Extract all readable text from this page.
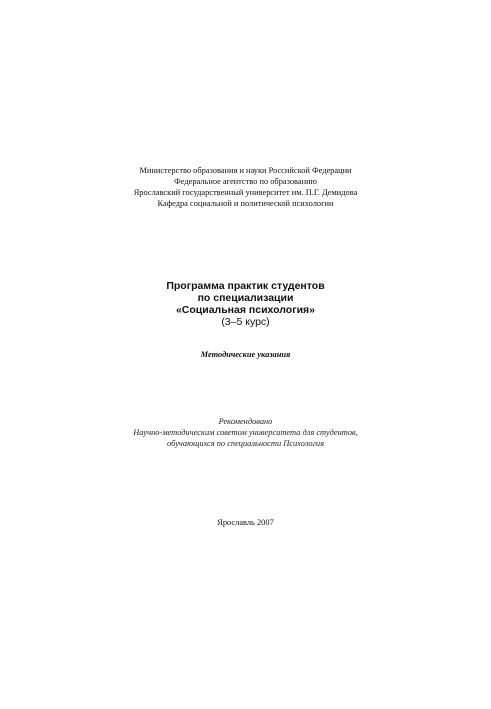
Министерство образования и науки Российской Федерации
Федеральное агентство по образованию
Ярославский государственный университет им. П.Г. Демидова
Кафедра социальной и политической психологии
Программа практик студентов
по специализации
«Социальная психология»
(3–5 курс)
Методические указания
Рекомендовано
Научно-методическим советом университета для студентов,
обучающихся по специальности Психология
Ярославль 2007
